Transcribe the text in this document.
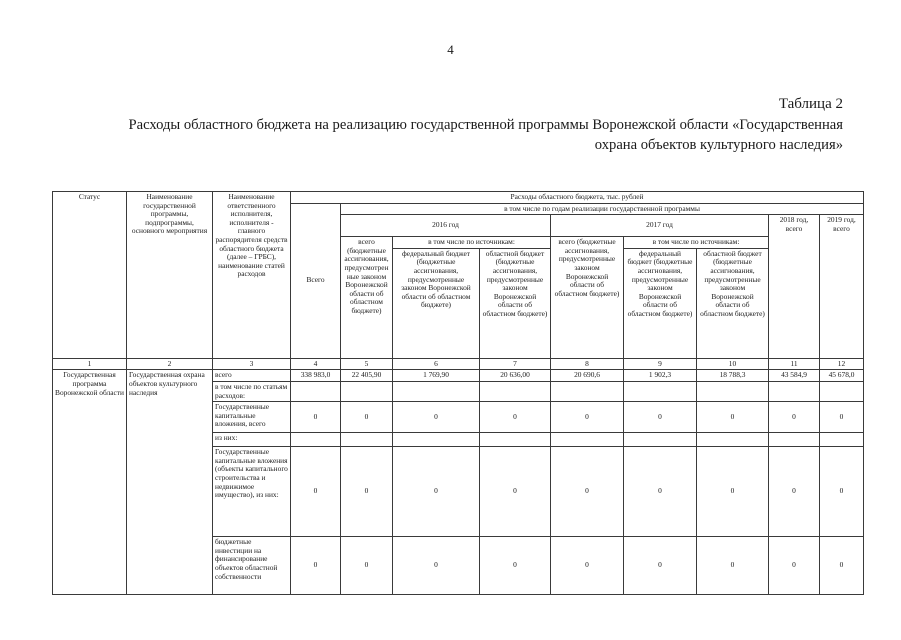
4
Таблица 2
Расходы областного бюджета на реализацию государственной программы Воронежской области «Государственная
охрана объектов культурного наследия»
Статус	Наименование государственной программы, подпрограммы, основного мероприятия	Наименование ответственного исполнителя, исполнителя - главного распорядителя средств областного бюджета (далее – ГРБС), наименование статей расходов	Расходы областного бюджета, тыс. рублей								
			Всего	в том числе по годам реализации государственной программы							
				2016 год			2017 год			2018 год, всего	2019 год, всего
				всего (бюджетные ассигнования, предусмотренные законом Воронежской области об областном бюджете)	в том числе по источникам:		всего (бюджетные ассигнования, предусмотренные законом Воронежской области об областном бюджете)	в том числе по источникам:			
					федеральный бюджет (бюджетные ассигнования, предусмотренные законом Воронежской области об областном бюджете)	областной бюджет (бюджетные ассигнования, предусмотренные законом Воронежской области об областном бюджете)		федеральный бюджет (бюджетные ассигнования, предусмотренные законом Воронежской области об областном бюджете)	областной бюджет (бюджетные ассигнования, предусмотренные законом Воронежской области об областном бюджете)		
1	2	3	4	5	6	7	8	9	10	11	12
Государственная программа Воронежской области	Государственная охрана объектов культурного наследия	всего	338 983,0	22 405,90	1 769,90	20 636,00	20 690,6	1 902,3	18 788,3	43 584,9	45 678,0
		в том числе по статьям расходов:									
		Государственные капитальные вложения, всего	0	0	0	0	0	0	0	0	0
		из них:									
		Государственные капитальные вложения (объекты капитального строительства и недвижимое имущество), из них:	0	0	0	0	0	0	0	0	0
		бюджетные инвестиции на финансирование объектов областной собственности	0	0	0	0	0	0	0	0	0
